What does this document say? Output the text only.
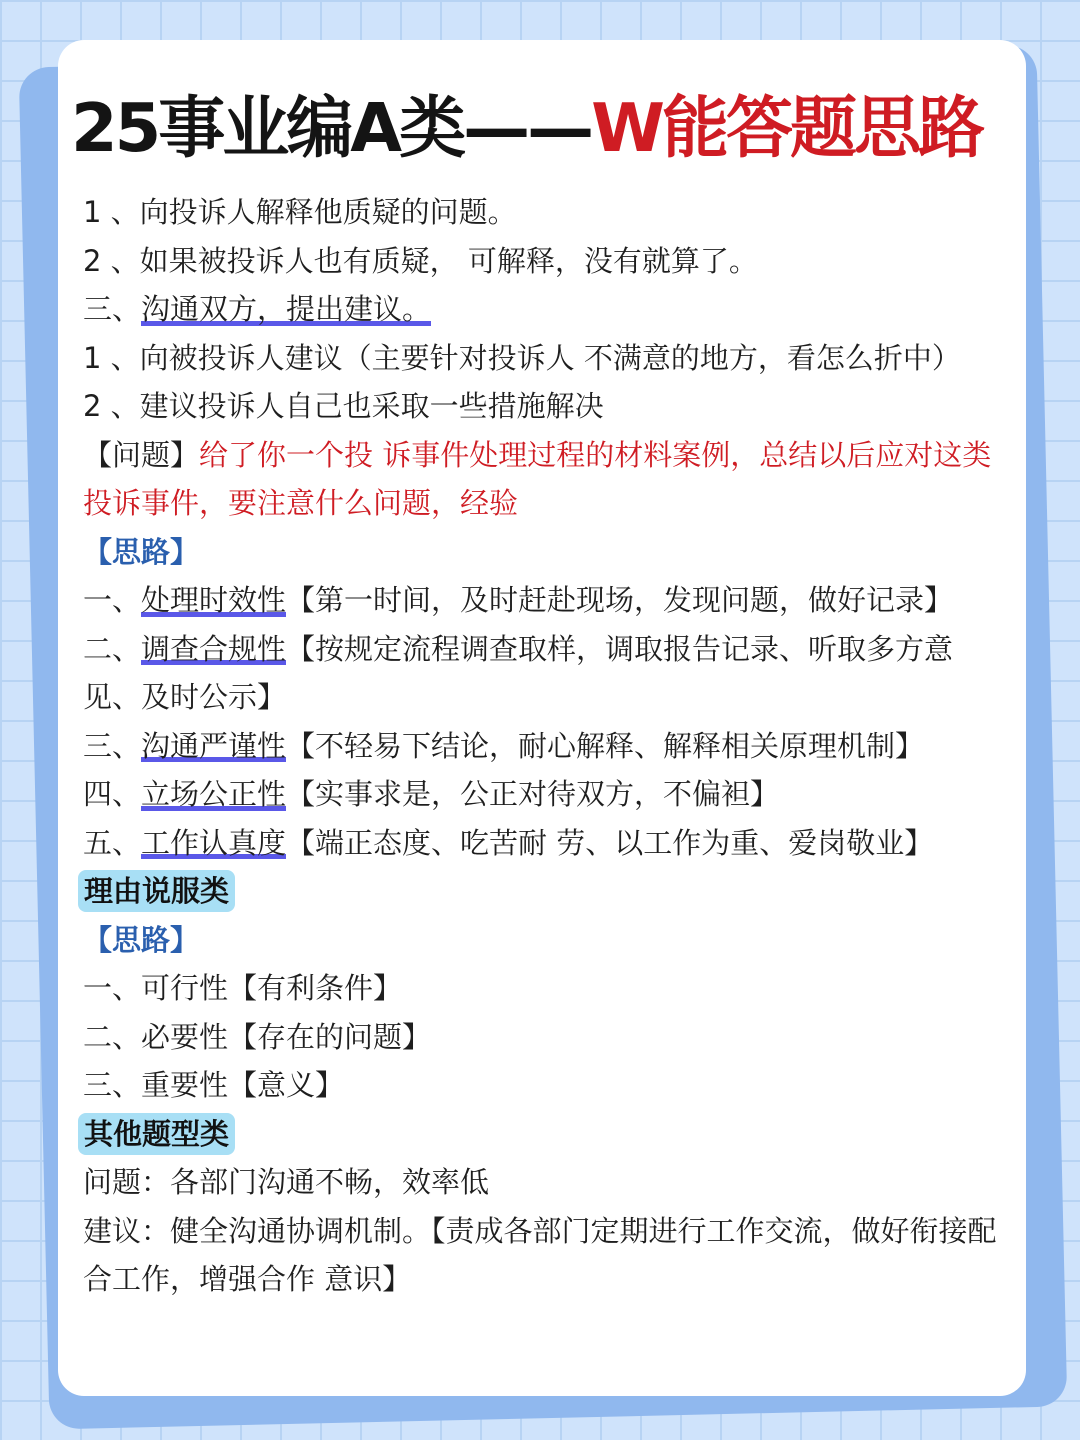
25事业编A类——W能答题思路
1 、向投诉人解释他质疑的问题。
2 、如果被投诉人也有质疑， 可解释，没有就算了。
三、沟通双方，提出建议。
1 、向被投诉人建议（主要针对投诉人 不满意的地方，看怎么折中）
2 、建议投诉人自己也采取一些措施解决
【问题】给了你一个投 诉事件处理过程的材料案例，总结以后应对这类投诉事件，要注意什么问题，经验
【思路】
一、处理时效性【第一时间，及时赶赴现场，发现问题，做好记录】
二、调查合规性【按规定流程调查取样，调取报告记录、听取多方意见、及时公示】
三、沟通严谨性【不轻易下结论，耐心解释、解释相关原理机制】
四、立场公正性【实事求是，公正对待双方，不偏袒】
五、工作认真度【端正态度、吃苦耐 劳、以工作为重、爱岗敬业】
理由说服类
【思路】
一、可行性【有利条件】
二、必要性【存在的问题】
三、重要性【意义】
其他题型类
问题：各部门沟通不畅，效率低
建议：健全沟通协调机制。【责成各部门定期进行工作交流，做好衔接配合工作，增强合作 意识】
